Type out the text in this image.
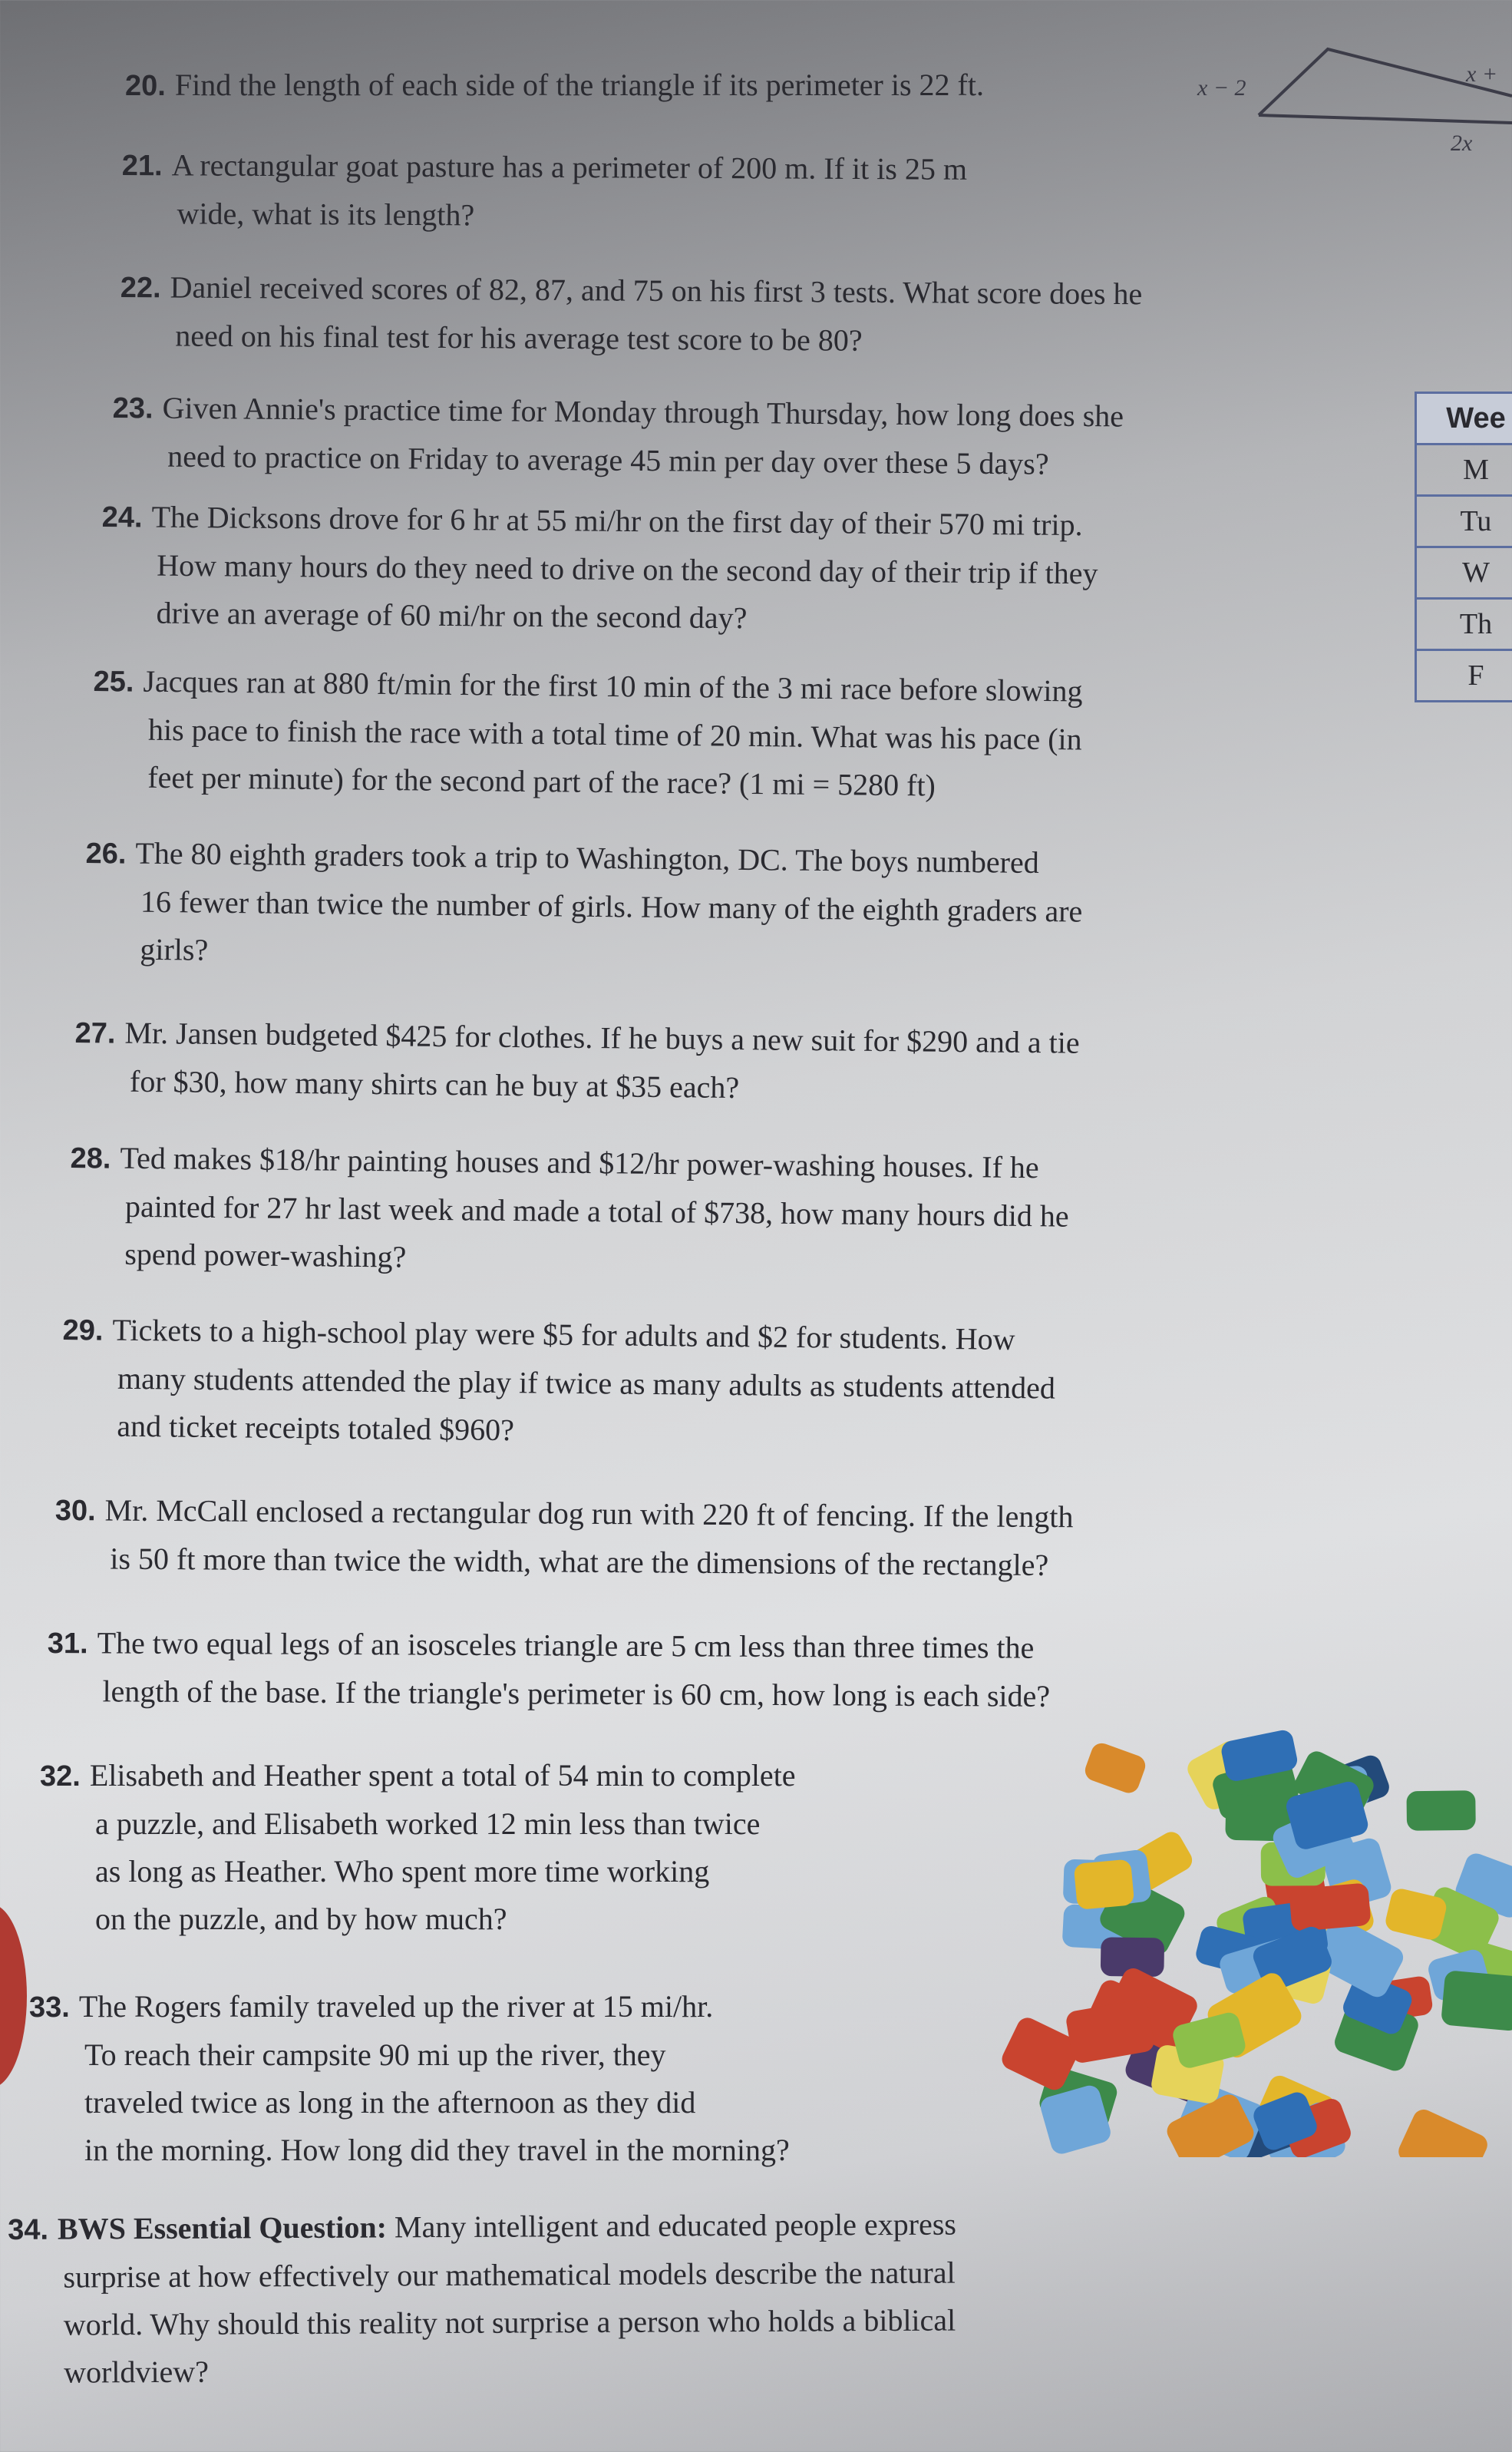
x − 2
x +
2x
Wee
M
Tu
W
Th
F
20. Find the length of each side of the triangle if its perimeter is 22 ft.
21. A rectangular goat pasture has a perimeter of 200 m. If it is 25 m
wide, what is its length?
22. Daniel received scores of 82, 87, and 75 on his first 3 tests. What score does he
need on his final test for his average test score to be 80?
23. Given Annie's practice time for Monday through Thursday, how long does she
need to practice on Friday to average 45 min per day over these 5 days?
24. The Dicksons drove for 6 hr at 55 mi/hr on the first day of their 570 mi trip.
How many hours do they need to drive on the second day of their trip if they
drive an average of 60 mi/hr on the second day?
25. Jacques ran at 880 ft/min for the first 10 min of the 3 mi race before slowing
his pace to finish the race with a total time of 20 min. What was his pace (in
feet per minute) for the second part of the race? (1 mi = 5280 ft)
26. The 80 eighth graders took a trip to Washington, DC. The boys numbered
16 fewer than twice the number of girls. How many of the eighth graders are
girls?
27. Mr. Jansen budgeted $425 for clothes. If he buys a new suit for $290 and a tie
for $30, how many shirts can he buy at $35 each?
28. Ted makes $18/hr painting houses and $12/hr power-washing houses. If he
painted for 27 hr last week and made a total of $738, how many hours did he
spend power-washing?
29. Tickets to a high-school play were $5 for adults and $2 for students. How
many students attended the play if twice as many adults as students attended
and ticket receipts totaled $960?
30. Mr. McCall enclosed a rectangular dog run with 220 ft of fencing. If the length
is 50 ft more than twice the width, what are the dimensions of the rectangle?
31. The two equal legs of an isosceles triangle are 5 cm less than three times the
length of the base. If the triangle's perimeter is 60 cm, how long is each side?
32. Elisabeth and Heather spent a total of 54 min to complete
a puzzle, and Elisabeth worked 12 min less than twice
as long as Heather. Who spent more time working
on the puzzle, and by how much?
33. The Rogers family traveled up the river at 15 mi/hr.
To reach their campsite 90 mi up the river, they
traveled twice as long in the afternoon as they did
in the morning. How long did they travel in the morning?
34. BWS Essential Question: Many intelligent and educated people express
surprise at how effectively our mathematical models describe the natural
world. Why should this reality not surprise a person who holds a biblical
worldview?
